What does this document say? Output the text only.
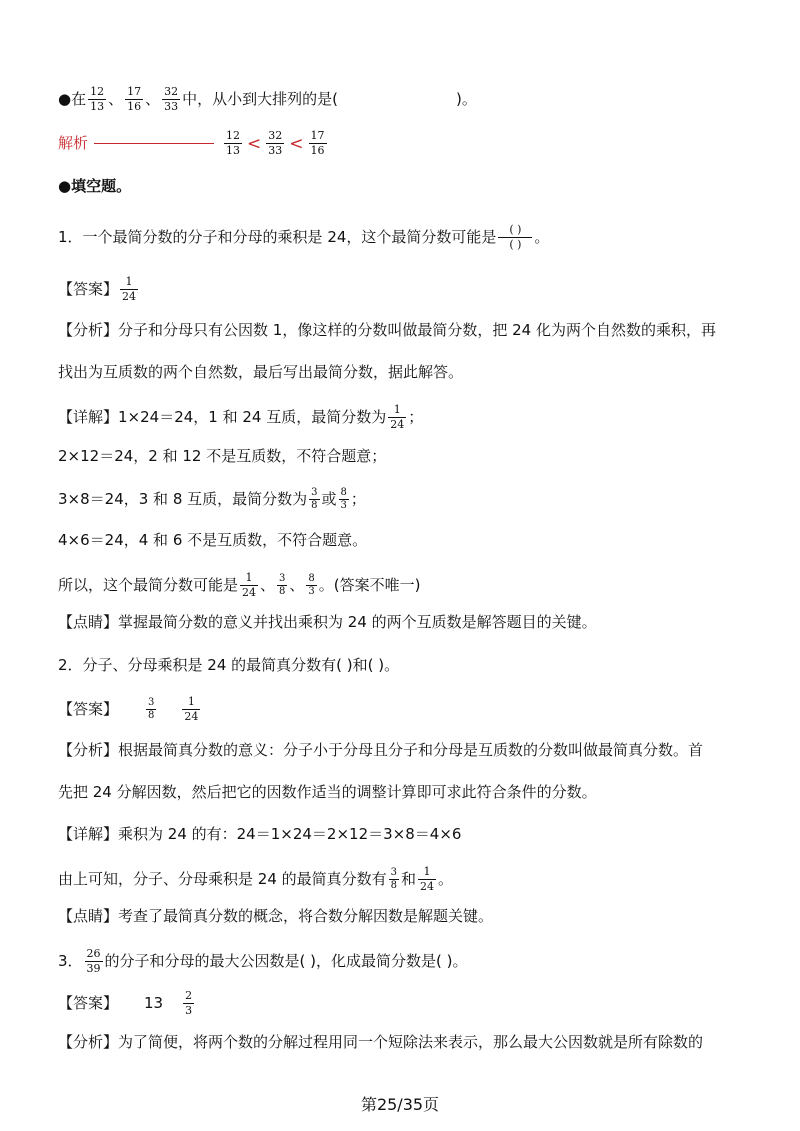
●在 $\frac{12}{13}$ 、 $\frac{17}{16}$ 、 $\frac{32}{33}$ 中，从小到大排列的是(	)。
解析	$\frac{12}{13} < \frac{32}{33} < \frac{17}{16}$
●填空题。
1．一个最简分数的分子和分母的乘积是 24，这个最简分数可能是 $\frac{( )}{( )}$ 。
【答案】 $\frac{1}{24}$
【分析】分子和分母只有公因数 1，像这样的分数叫做最简分数，把 24 化为两个自然数的乘积，再
找出为互质数的两个自然数，最后写出最简分数，据此解答。
【详解】1×24＝24，1 和 24 互质，最简分数为 $\frac{1}{24}$ ；
2×12＝24，2 和 12 不是互质数，不符合题意；
3×8＝24，3 和 8 互质，最简分数为 $\frac{3}{8}$ 或 $\frac{8}{3}$ ；
4×6＝24，4 和 6 不是互质数，不符合题意。
所以，这个最简分数可能是 $\frac{1}{24}$ 、 $\frac{3}{8}$ 、 $\frac{8}{3}$ 。(答案不唯一)
【点睛】掌握最简分数的意义并找出乘积为 24 的两个互质数是解答题目的关键。
2．分子、分母乘积是 24 的最简真分数有( )和( )。
【答案】	$\frac{3}{8} \frac{1}{24}$
【分析】根据最简真分数的意义：分子小于分母且分子和分母是互质数的分数叫做最简真分数。首
先把 24 分解因数，然后把它的因数作适当的调整计算即可求此符合条件的分数。
【详解】乘积为 24 的有：24＝1×24＝2×12＝3×8＝4×6
由上可知，分子、分母乘积是 24 的最简真分数有 $\frac{3}{8}$ 和 $\frac{1}{24}$ 。
【点睛】考查了最简真分数的概念，将合数分解因数是解题关键。
3． $\frac{26}{39}$ 的分子和分母的最大公因数是( )，化成最简分数是( )。
【答案】 $13 \frac{2}{3}$
【分析】为了简便，将两个数的分解过程用同一个短除法来表示，那么最大公因数就是所有除数的
第25/35页
